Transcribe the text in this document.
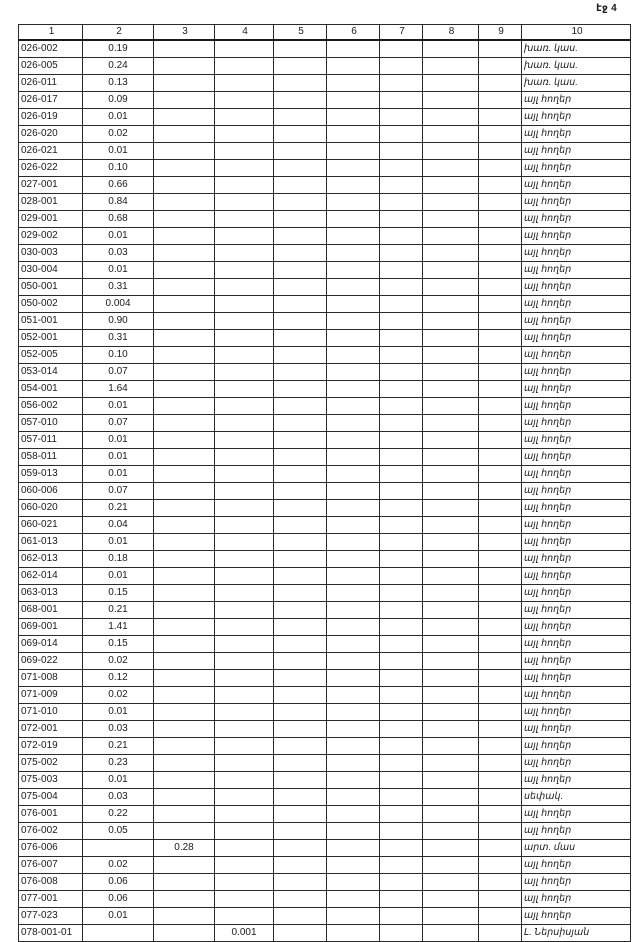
էջ 4
1	2	3	4	5	6	7	8	9	10
026-002	0.19								խառ. կաս.
026-005	0.24								խառ. կաս.
026-011	0.13								խառ. կաս.
026-017	0.09								այլ հողեր
026-019	0.01								այլ հողեր
026-020	0.02								այլ հողեր
026-021	0.01								այլ հողեր
026-022	0.10								այլ հողեր
027-001	0.66								այլ հողեր
028-001	0.84								այլ հողեր
029-001	0.68								այլ հողեր
029-002	0.01								այլ հողեր
030-003	0.03								այլ հողեր
030-004	0.01								այլ հողեր
050-001	0.31								այլ հողեր
050-002	0.004								այլ հողեր
051-001	0.90								այլ հողեր
052-001	0.31								այլ հողեր
052-005	0.10								այլ հողեր
053-014	0.07								այլ հողեր
054-001	1.64								այլ հողեր
056-002	0.01								այլ հողեր
057-010	0.07								այլ հողեր
057-011	0.01								այլ հողեր
058-011	0.01								այլ հողեր
059-013	0.01								այլ հողեր
060-006	0.07								այլ հողեր
060-020	0.21								այլ հողեր
060-021	0.04								այլ հողեր
061-013	0.01								այլ հողեր
062-013	0.18								այլ հողեր
062-014	0.01								այլ հողեր
063-013	0.15								այլ հողեր
068-001	0.21								այլ հողեր
069-001	1.41								այլ հողեր
069-014	0.15								այլ հողեր
069-022	0.02								այլ հողեր
071-008	0.12								այլ հողեր
071-009	0.02								այլ հողեր
071-010	0.01								այլ հողեր
072-001	0.03								այլ հողեր
072-019	0.21								այլ հողեր
075-002	0.23								այլ հողեր
075-003	0.01								այլ հողեր
075-004	0.03								սեփակ.
076-001	0.22								այլ հողեր
076-002	0.05								այլ հողեր
076-006		0.28							արտ. մաս
076-007	0.02								այլ հողեր
076-008	0.06								այլ հողեր
077-001	0.06								այլ հողեր
077-023	0.01								այլ հողեր
078-001-01			0.001						Լ. Ներսիսյան
